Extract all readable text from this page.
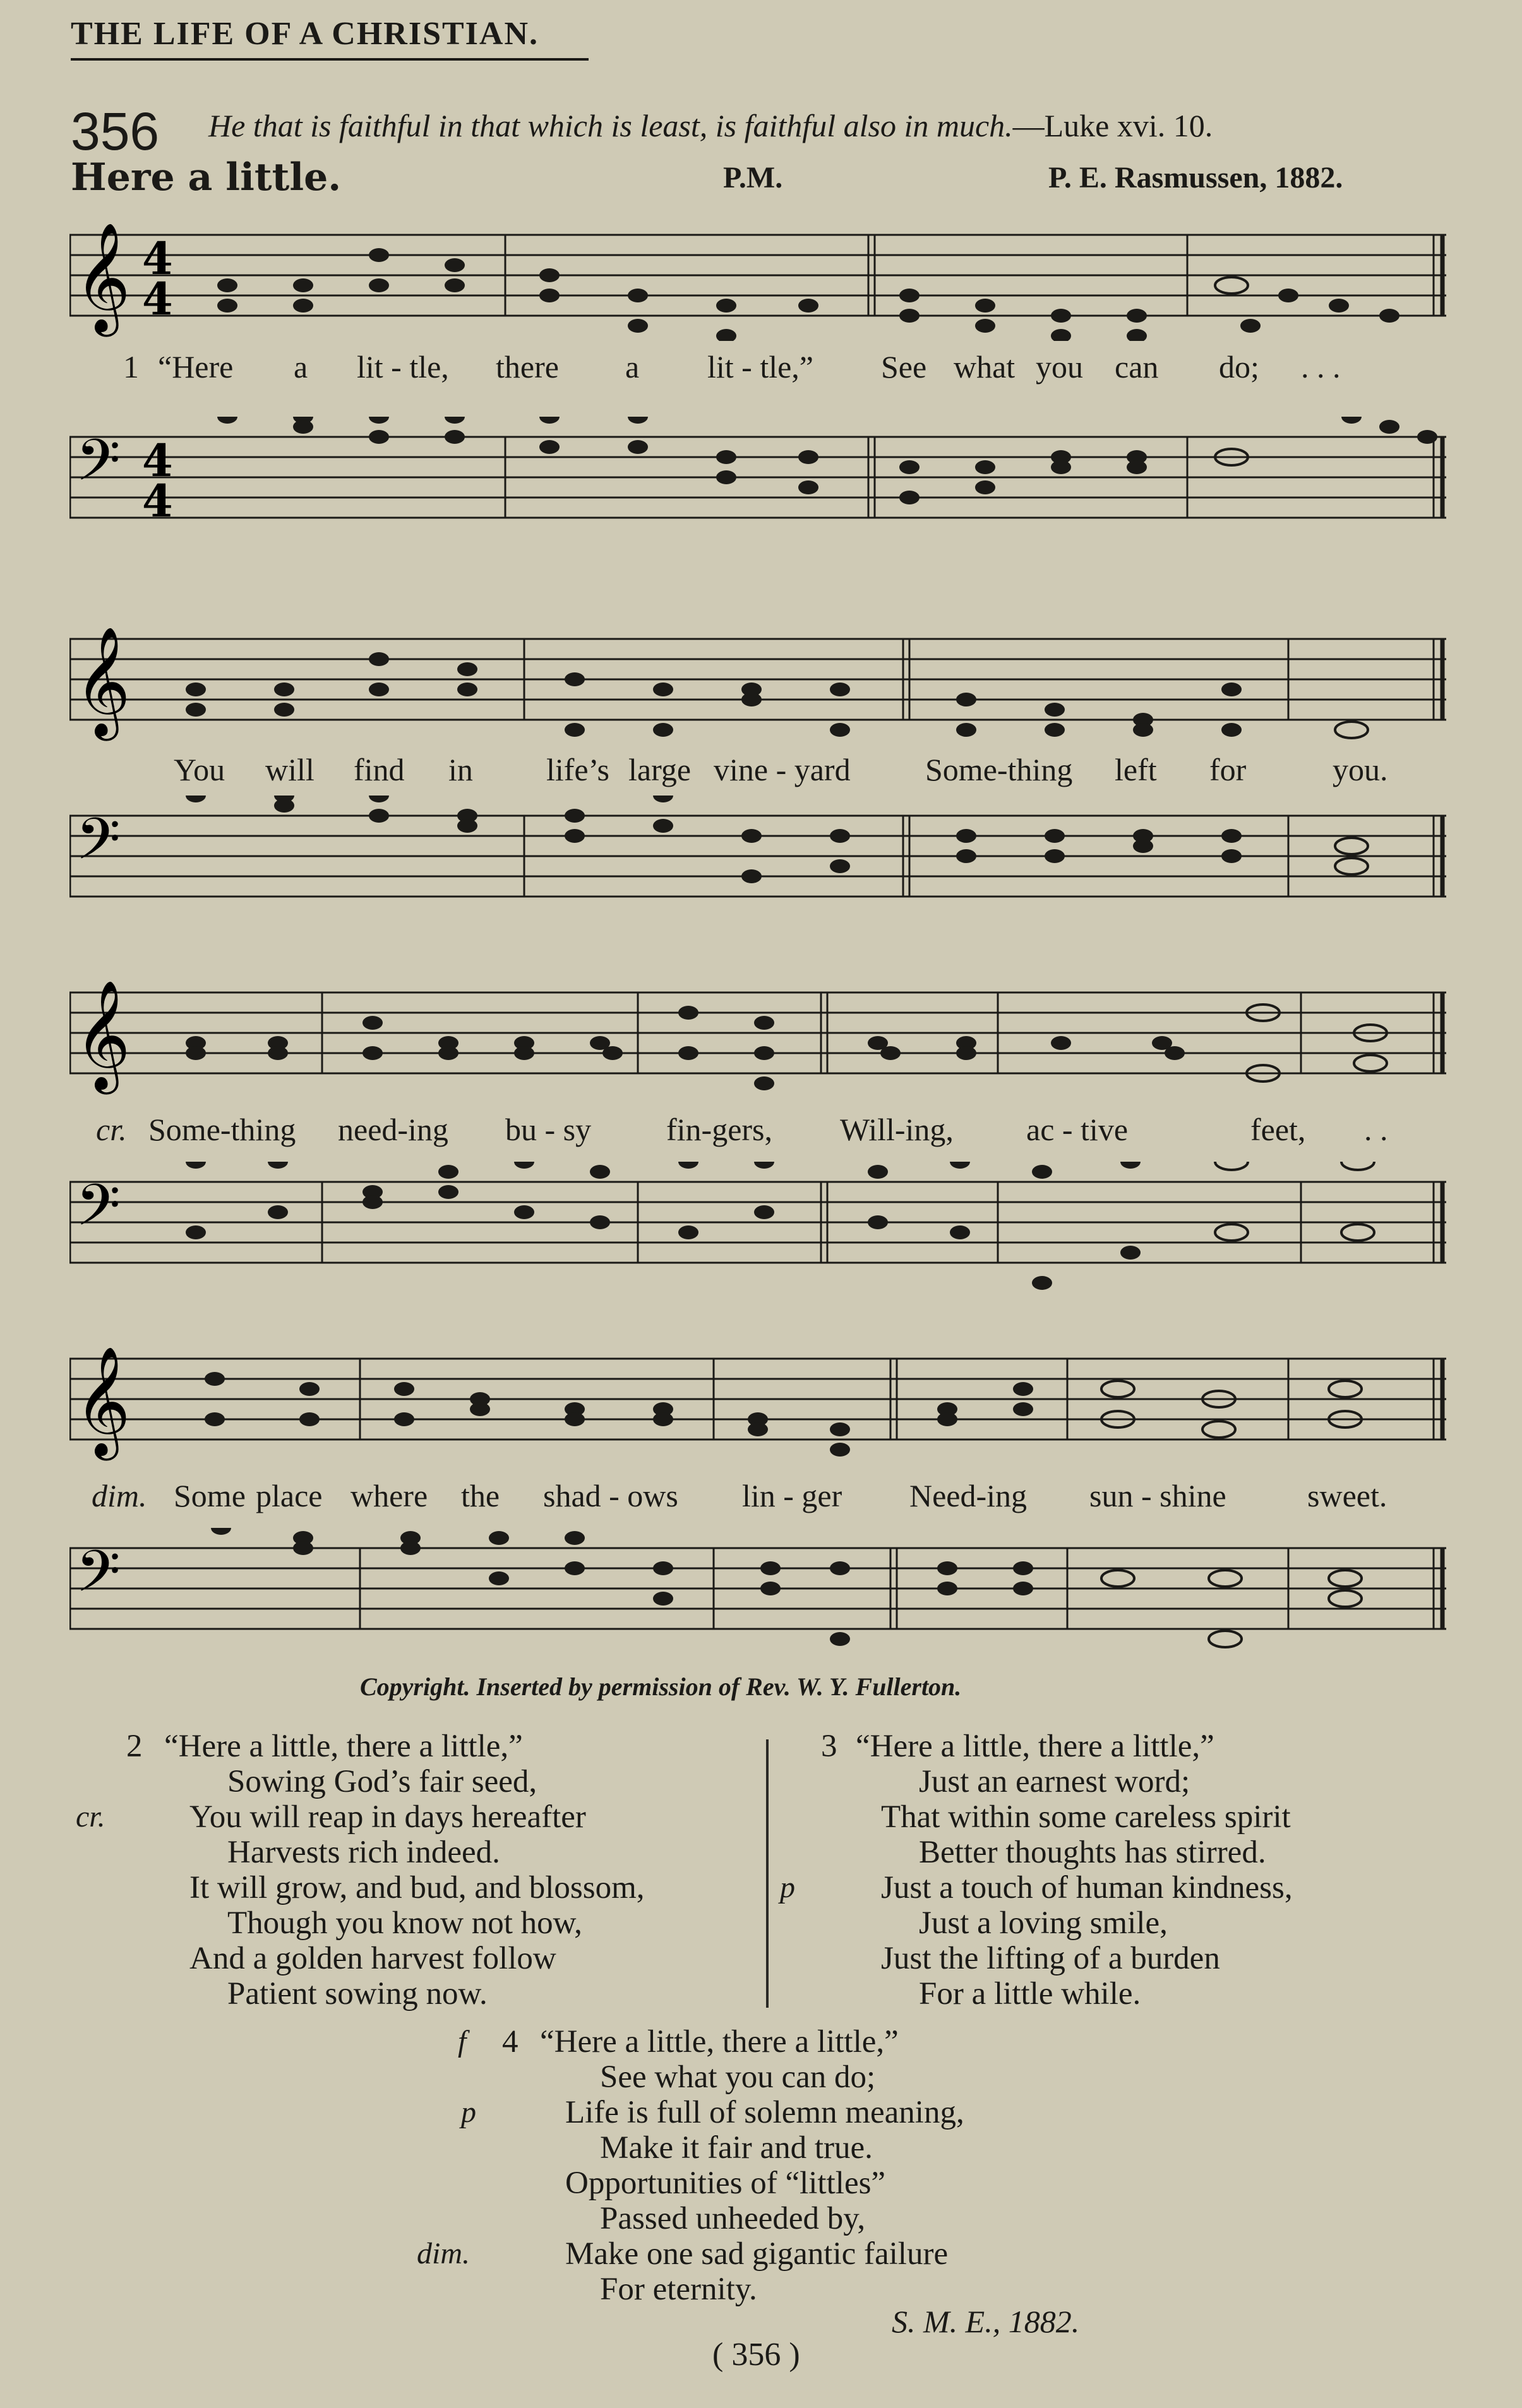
THE LIFE OF A CHRISTIAN.
356 He that is faithful in that which is least, is faithful also in much.—Luke xvi. 10.
Here a little.	P.M.	P. E. Rasmussen, 1882.
𝄞 4
4
1 “Here a lit - tle, there a lit - tle,” See what you can do; . . .
𝄢 4
4
𝄞
You will find in life’s large vine - yard Some-thing left for	you.
𝄢
𝄞
cr. Some-thing need-ing bu - sy fin-gers, Will-ing, ac - tive	feet, . .
𝄢
𝄞
dim. Some place where the shad - ows lin - ger Need-ing sun - shine	sweet.
𝄢
Copyright. Inserted by permission of Rev. W. Y. Fullerton.
2 “Here a little, there a little,”
Sowing God’s fair seed,
cr.	You will reap in days hereafter
Harvests rich indeed.
It will grow, and bud, and blossom,
Though you know not how,
And a golden harvest follow
Patient sowing now.
3 “Here a little, there a little,”
Just an earnest word;
That within some careless spirit
Better thoughts has stirred.
p	Just a touch of human kindness,
Just a loving smile,
Just the lifting of a burden
For a little while.
f 4 “Here a little, there a little,”
See what you can do;
p	Life is full of solemn meaning,
Make it fair and true.
Opportunities of “littles”
Passed unheeded by,
dim.	Make one sad gigantic failure
For eternity.
S. M. E., 1882.
( 356 )
